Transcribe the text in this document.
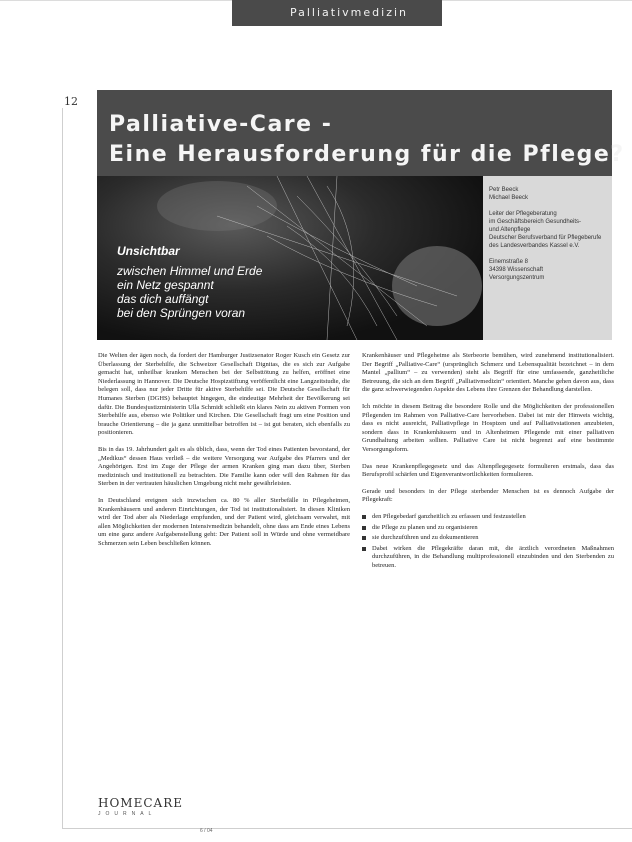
Palliativmedizin
12
Palliative-Care -
Eine Herausforderung für die Pflege?
Unsichtbar
zwischen Himmel und Erde
ein Netz gespannt
das dich auffängt
bei den Sprüngen voran
Petr Beeck
Michael Beeck
Leiter der Pflegeberatung
im Geschäftsbereich Gesundheits-
und Altenpflege
Deutscher Berufsverband für Pflegeberufe
des Landesverbandes Kassel e.V.
Einemstraße 8
34398 Wissenschaft
Versorgungszentrum

Die Welten der ägen noch, da fordert der Hamburger Justizsenator Roger Kusch ein Gesetz zur Überlassung der Sterbehilfe, die Schweizer Gesellschaft Dignitas, die es sich zur Aufgabe gemacht hat, unheilbar kranken Menschen bei der Selbsttötung zu helfen, eröffnet eine Niederlassung in Hannover. Die Deutsche Hospizstiftung veröffentlicht eine Langzeitstudie, die belegen soll, dass nur jeder Dritte für aktive Sterbehilfe sei. Die Deutsche Gesellschaft für Humanes Sterben (DGHS) behauptet hingegen, die eindeutige Mehrheit der Bevölkerung sei dafür. Die Bundesjustizministerin Ulla Schmidt schließt ein klares Nein zu aktiven Formen von Sterbehilfe aus, ebenso wie Politiker und Kirchen. Die Gesellschaft fragt um eine Position und brauche Orientierung – die ja ganz unmittelbar betroffen ist – ist gut beraten, sich ebenfalls zu positionieren.

Bis in das 19. Jahrhundert galt es als üblich, dass, wenn der Tod eines Patienten bevorstand, der „Medikus“ dessen Haus verließ – die weitere Versorgung war Aufgabe des Pfarrers und der Angehörigen. Erst im Zuge der Pflege der armen Kranken ging man dazu über, Sterben medizinisch und institutionell zu betrachten. Die Familie kann oder will den Rahmen für das Sterben in der vertrauten häuslichen Umgebung nicht mehr gewährleisten.

In Deutschland ereignen sich inzwischen ca. 80 % aller Sterbefälle in Pflegeheimen, Krankenhäusern und anderen Einrichtungen, der Tod ist institutionalisiert. In diesen Kliniken wird der Tod aber als Niederlage empfunden, und der Patient wird, gleichsam verwahrt, mit allen Möglichkeiten der modernen Intensivmedizin behandelt, ohne dass am Ende eines Lebens um eine ganz andere Aufgabenstellung geht: Der Patient soll in Würde und ohne vermeidbare Schmerzen sein Leben beschließen können.

Krankenhäuser und Pflegeheime als Sterbeorte bemühen, wird zunehmend institutionalisiert. Der Begriff „Palliative-Care“ (ursprünglich Schmerz und Lebensqualität bezeichnet – in dem Mantel „pallium“ – zu verwenden) steht als Begriff für eine umfassende, ganzheitliche Betreuung, die sich an dem Begriff „Palliativmedizin“ orientiert. Manche gehen davon aus, dass die ganz schwerwiegenden Aspekte des Lebens ihre Grenzen der Behandlung darstellen.

Ich möchte in diesem Beitrag die besondere Rolle und die Möglichkeiten der professionellen Pflegenden im Rahmen von Palliative-Care hervorheben. Dabei ist mir der Hinweis wichtig, dass es nicht ausreicht, Palliativpflege in Hospizen und auf Palliativstationen anzubieten, sondern dass in Krankenhäusern und in Altenheimen Pflegende mit einer palliativen Grundhaltung arbeiten sollten. Palliative Care ist nicht begrenzt auf eine bestimmte Versorgungsform.

Das neue Krankenpflegegesetz und das Altenpflegegesetz formulieren erstmals, dass das Berufsprofil schärfen und Eigenverantwortlichkeiten formulieren.

Gerade und besonders in der Pflege sterbender Menschen ist es dennoch Aufgabe der Pflegekraft:

den Pflegebedarf ganzheitlich zu erfassen und festzustellen
die Pflege zu planen und zu organisieren
sie durchzuführen und zu dokumentieren
Dabei wirken die Pflegekräfte daran mit, die ärztlich verordneten Maßnahmen durchzuführen, in die Behandlung multiprofessionell einzubinden und den Sterbenden zu betreuen.
HOMECARE
JOURNAL
6 / 04
